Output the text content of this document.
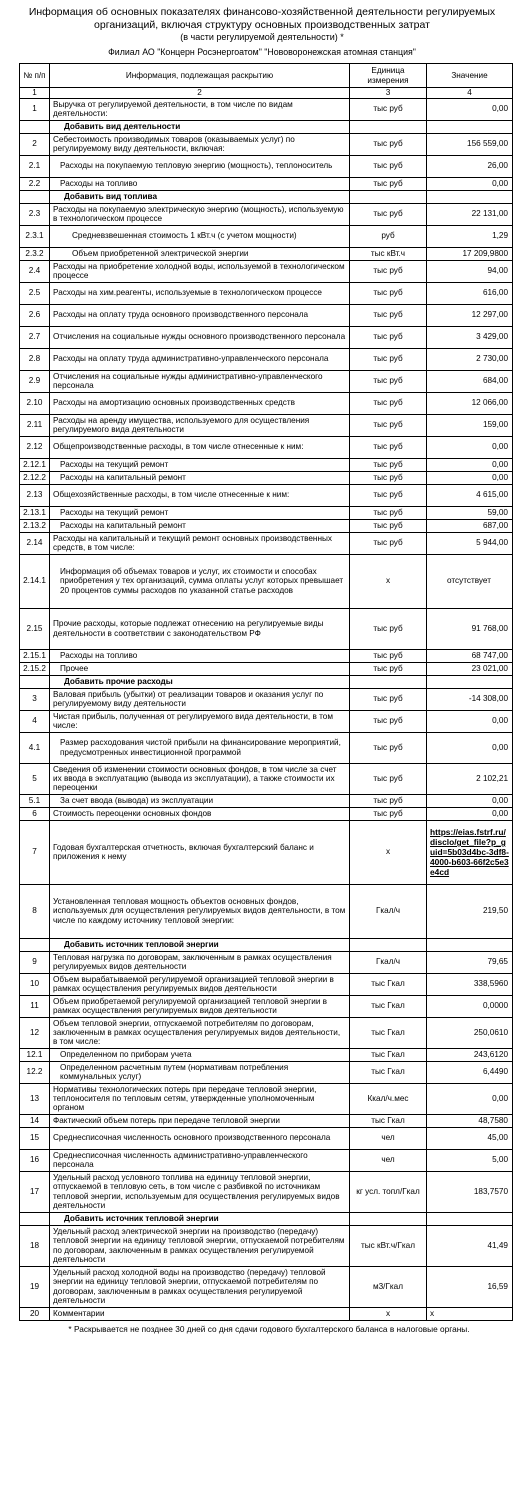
Информация об основных показателях финансово-хозяйственной деятельности регулируемых
организаций, включая структуру основных производственных затрат
(в части регулируемой деятельности) *
Филиал АО "Концерн Росэнергоатом" "Нововоронежская атомная станция"
№ п/п	Информация, подлежащая раскрытию	Единица измерения	Значение
1	2	3	4
1	Выручка от регулируемой деятельности, в том числе по видам деятельности:	тыс руб	0,00
	Добавить вид деятельности		
2	Себестоимость производимых товаров (оказываемых услуг) по регулируемому виду деятельности, включая:	тыс руб	156 559,00
2.1	Расходы на покупаемую тепловую энергию (мощность), теплоноситель	тыс руб	26,00
2.2	Расходы на топливо	тыс руб	0,00
	Добавить вид топлива		
2.3	Расходы на покупаемую электрическую энергию (мощность), используемую в технологическом процессе	тыс руб	22 131,00
2.3.1	Средневзвешенная стоимость 1 кВт.ч (с учетом мощности)	руб	1,29
2.3.2	Объем приобретенной электрической энергии	тыс кВт.ч	17 209,9800
2.4	Расходы на приобретение холодной воды, используемой в технологическом процессе	тыс руб	94,00
2.5	Расходы на хим.реагенты, используемые в технологическом процессе	тыс руб	616,00
2.6	Расходы на оплату труда основного производственного персонала	тыс руб	12 297,00
2.7	Отчисления на социальные нужды основного производственного персонала	тыс руб	3 429,00
2.8	Расходы на оплату труда административно-управленческого персонала	тыс руб	2 730,00
2.9	Отчисления на социальные нужды административно-управленческого персонала	тыс руб	684,00
2.10	Расходы на амортизацию основных производственных средств	тыс руб	12 066,00
2.11	Расходы на аренду имущества, используемого для осуществления регулируемого вида деятельности	тыс руб	159,00
2.12	Общепроизводственные расходы, в том числе отнесенные к ним:	тыс руб	0,00
2.12.1	Расходы на текущий ремонт	тыс руб	0,00
2.12.2	Расходы на капитальный ремонт	тыс руб	0,00
2.13	Общехозяйственные расходы, в том числе отнесенные к ним:	тыс руб	4 615,00
2.13.1	Расходы на текущий ремонт	тыс руб	59,00
2.13.2	Расходы на капитальный ремонт	тыс руб	687,00
2.14	Расходы на капитальный и текущий ремонт основных производственных средств, в том числе:	тыс руб	5 944,00
2.14.1	Информация об объемах товаров и услуг, их стоимости и способах приобретения у тех организаций, сумма оплаты услуг которых превышает 20 процентов суммы расходов по указанной статье расходов	х	отсутствует
2.15	Прочие расходы, которые подлежат отнесению на регулируемые виды деятельности в соответствии с законодательством РФ	тыс руб	91 768,00
2.15.1	Расходы на топливо	тыс руб	68 747,00
2.15.2	Прочее	тыс руб	23 021,00
	Добавить прочие расходы		
3	Валовая прибыль (убытки) от реализации товаров и оказания услуг по регулируемому виду деятельности	тыс руб	-14 308,00
4	Чистая прибыль, полученная от регулируемого вида деятельности, в том числе:	тыс руб	0,00
4.1	Размер расходования чистой прибыли на финансирование мероприятий, предусмотренных инвестиционной программой	тыс руб	0,00
5	Сведения об изменении стоимости основных фондов, в том числе за счет их ввода в эксплуатацию (вывода из эксплуатации), а также стоимости их переоценки	тыс руб	2 102,21
5.1	За счет ввода (вывода) из эксплуатации	тыс руб	0,00
6	Стоимость переоценки основных фондов	тыс руб	0,00
7	Годовая бухгалтерская отчетность, включая бухгалтерский баланс и приложения к нему	х	https://eias.fstrf.ru/disclo/get_file?p_guid=5b03d4bc-3df8-4000-b603-66f2c5e3e4cd
8	Установленная тепловая мощность объектов основных фондов, используемых для осуществления регулируемых видов деятельности, в том числе по каждому источнику тепловой энергии:	Гкал/ч	219,50
	Добавить источник тепловой энергии		
9	Тепловая нагрузка по договорам, заключенным в рамках осуществления регулируемых видов деятельности	Гкал/ч	79,65
10	Объем вырабатываемой регулируемой организацией тепловой энергии в рамках осуществления регулируемых видов деятельности	тыс Гкал	338,5960
11	Объем приобретаемой регулируемой организацией тепловой энергии в рамках осуществления регулируемых видов деятельности	тыс Гкал	0,0000
12	Объем тепловой энергии, отпускаемой потребителям по договорам, заключенным в рамках осуществления регулируемых видов деятельности, в том числе:	тыс Гкал	250,0610
12.1	Определенном по приборам учета	тыс Гкал	243,6120
12.2	Определенном расчетным путем (нормативам потребления коммунальных услуг)	тыс Гкал	6,4490
13	Нормативы технологических потерь при передаче тепловой энергии, теплоносителя по тепловым сетям, утвержденные уполномоченным органом	Ккал/ч.мес	0,00
14	Фактический объем потерь при передаче тепловой энергии	тыс Гкал	48,7580
15	Среднесписочная численность основного производственного персонала	чел	45,00
16	Среднесписочная численность административно-управленческого персонала	чел	5,00
17	Удельный расход условного топлива на единицу тепловой энергии, отпускаемой в тепловую сеть, в том числе с разбивкой по источникам тепловой энергии, используемым для осуществления регулируемых видов деятельности	кг усл. топл/Гкал	183,7570
	Добавить источник тепловой энергии		
18	Удельный расход электрической энергии на производство (передачу) тепловой энергии на единицу тепловой энергии, отпускаемой потребителям по договорам, заключенным в рамках осуществления регулируемой деятельности	тыс кВт.ч/Гкал	41,49
19	Удельный расход холодной воды на производство (передачу) тепловой энергии на единицу тепловой энергии, отпускаемой потребителям по договорам, заключенным в рамках осуществления регулируемой деятельности	м3/Гкал	16,59
20	Комментарии	х	х
* Раскрывается не позднее 30 дней со дня сдачи годового бухгалтерского баланса в налоговые органы.
